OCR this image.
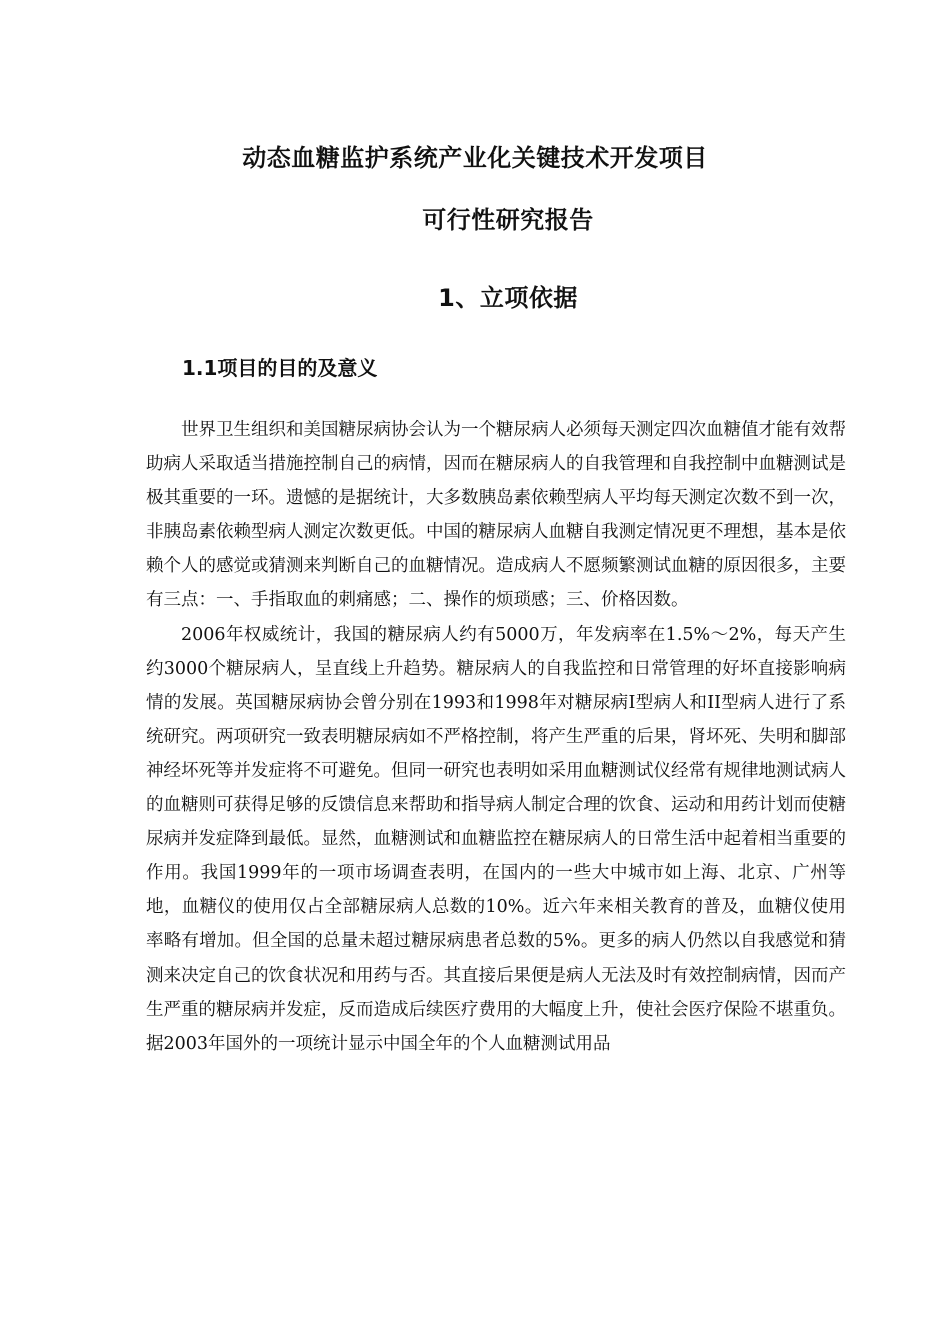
动态血糖监护系统产业化关键技术开发项目
可行性研究报告
1、立项依据
1.1项目的目的及意义

世界卫生组织和美国糖尿病协会认为一个糖尿病人必须每天测定四次血糖值才能有效帮助病人采取适当措施控制自己的病情，因而在糖尿病人的自我管理和自我控制中血糖测试是极其重要的一环。遗憾的是据统计，大多数胰岛素依赖型病人平均每天测定次数不到一次，非胰岛素依赖型病人测定次数更低。中国的糖尿病人血糖自我测定情况更不理想，基本是依赖个人的感觉或猜测来判断自己的血糖情况。造成病人不愿频繁测试血糖的原因很多，主要有三点：一、手指取血的刺痛感；二、操作的烦琐感；三、价格因数。

2006年权威统计，我国的糖尿病人约有5000万，年发病率在1.5%～2%，每天产生约3000个糖尿病人，呈直线上升趋势。糖尿病人的自我监控和日常管理的好坏直接影响病情的发展。英国糖尿病协会曾分别在1993和1998年对糖尿病I型病人和II型病人进行了系统研究。两项研究一致表明糖尿病如不严格控制，将产生严重的后果，肾坏死、失明和脚部神经坏死等并发症将不可避免。但同一研究也表明如采用血糖测试仪经常有规律地测试病人的血糖则可获得足够的反馈信息来帮助和指导病人制定合理的饮食、运动和用药计划而使糖尿病并发症降到最低。显然，血糖测试和血糖监控在糖尿病人的日常生活中起着相当重要的作用。我国1999年的一项市场调查表明，在国内的一些大中城市如上海、北京、广州等地，血糖仪的使用仅占全部糖尿病人总数的10%。近六年来相关教育的普及，血糖仪使用率略有增加。但全国的总量未超过糖尿病患者总数的5%。更多的病人仍然以自我感觉和猜测来决定自己的饮食状况和用药与否。其直接后果便是病人无法及时有效控制病情，因而产生严重的糖尿病并发症，反而造成后续医疗费用的大幅度上升，使社会医疗保险不堪重负。据2003年国外的一项统计显示中国全年的个人血糖测试用品
